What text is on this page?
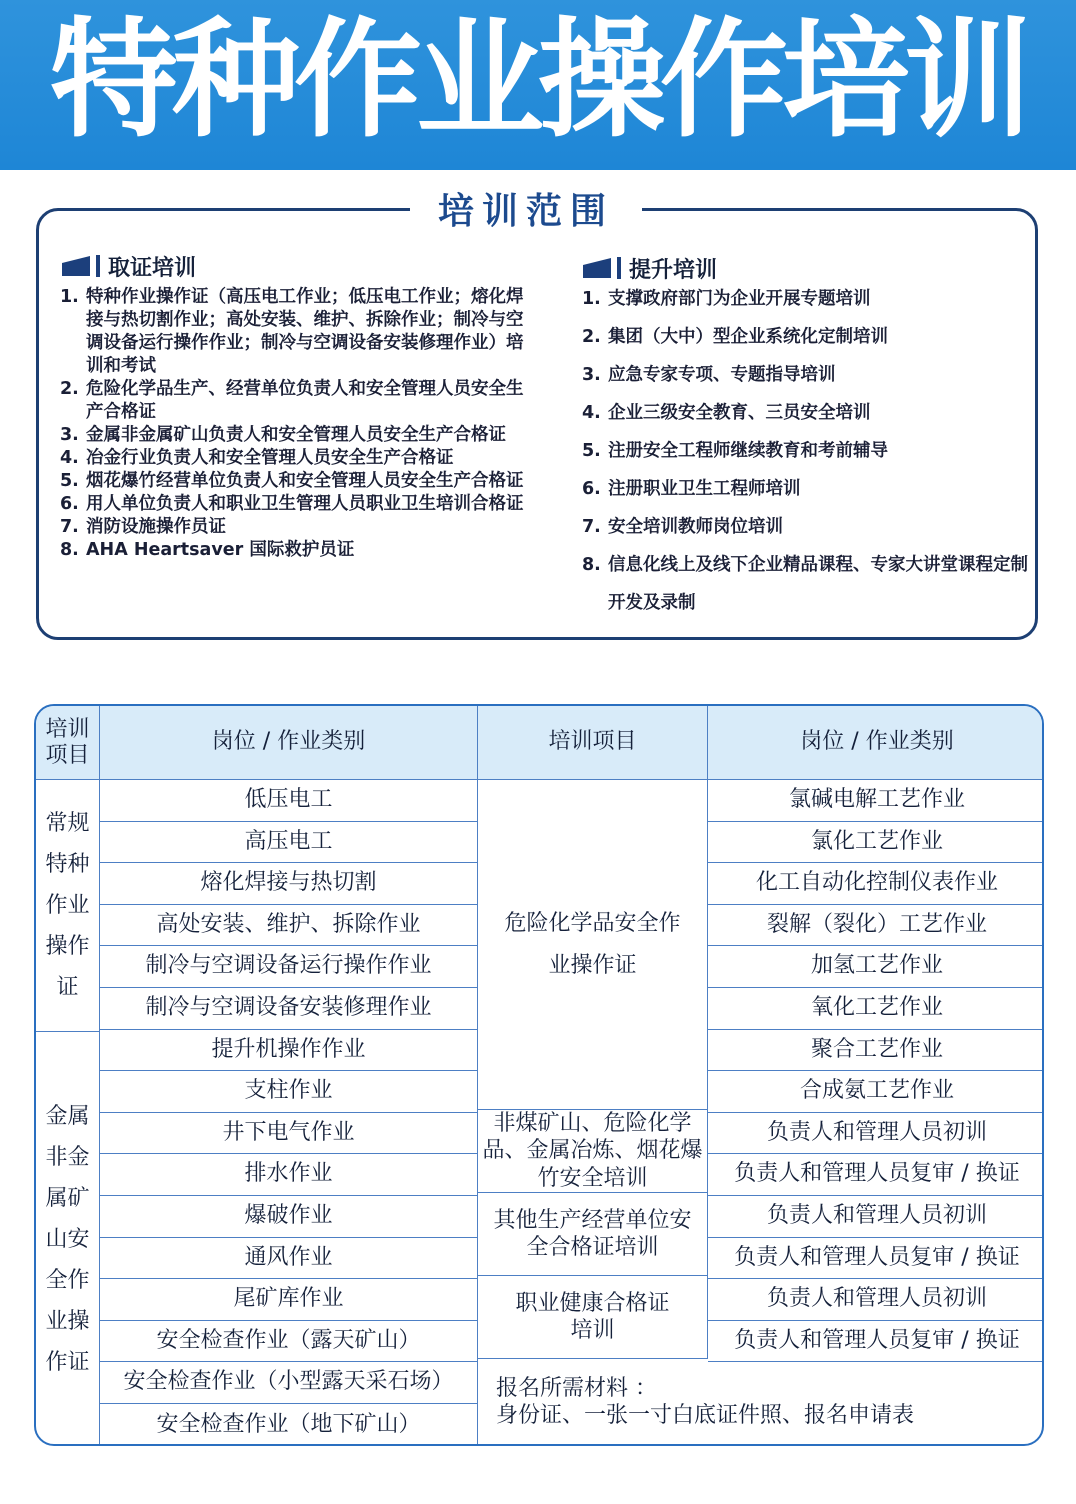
特种作业操作培训
培训范围
取证培训
1. 特种作业操作证（高压电工作业；低压电工作业；熔化焊接与热切割作业；高处安装、维护、拆除作业；制冷与空调设备运行操作作业；制冷与空调设备安装修理作业）培训和考试
2. 危险化学品生产、经营单位负责人和安全管理人员安全生产合格证
3. 金属非金属矿山负责人和安全管理人员安全生产合格证
4. 冶金行业负责人和安全管理人员安全生产合格证
5. 烟花爆竹经营单位负责人和安全管理人员安全生产合格证
6. 用人单位负责人和职业卫生管理人员职业卫生培训合格证
7. 消防设施操作员证
8. AHA Heartsaver 国际救护员证
提升培训
1. 支撑政府部门为企业开展专题培训
2. 集团（大中）型企业系统化定制培训
3. 应急专家专项、专题指导培训
4. 企业三级安全教育、三员安全培训
5. 注册安全工程师继续教育和考前辅导
6. 注册职业卫生工程师培训
7. 安全培训教师岗位培训
8. 信息化线上及线下企业精品课程、专家大讲堂课程定制开发及录制
培训项目
岗位 / 作业类别	培训项目	岗位 / 作业类别
常规特种作业操作证
金属非金属矿山安全作业操作证
低压电工
高压电工
熔化焊接与热切割
高处安装、维护、拆除作业
制冷与空调设备运行操作作业
制冷与空调设备安装修理作业
提升机操作作业
支柱作业
井下电气作业
排水作业
爆破作业
通风作业
尾矿库作业
安全检查作业（露天矿山）
安全检查作业（小型露天采石场）
安全检查作业（地下矿山）
危险化学品安全作业操作证
非煤矿山、危险化学品、金属冶炼、烟花爆竹安全培训
其他生产经营单位安全合格证培训
职业健康合格证培训
报名所需材料 ：
身份证、一张一寸白底证件照、报名申请表
氯碱电解工艺作业
氯化工艺作业
化工自动化控制仪表作业
裂解（裂化）工艺作业
加氢工艺作业
氧化工艺作业
聚合工艺作业
合成氨工艺作业
负责人和管理人员初训
负责人和管理人员复审 / 换证
负责人和管理人员初训
负责人和管理人员复审 / 换证
负责人和管理人员初训
负责人和管理人员复审 / 换证
